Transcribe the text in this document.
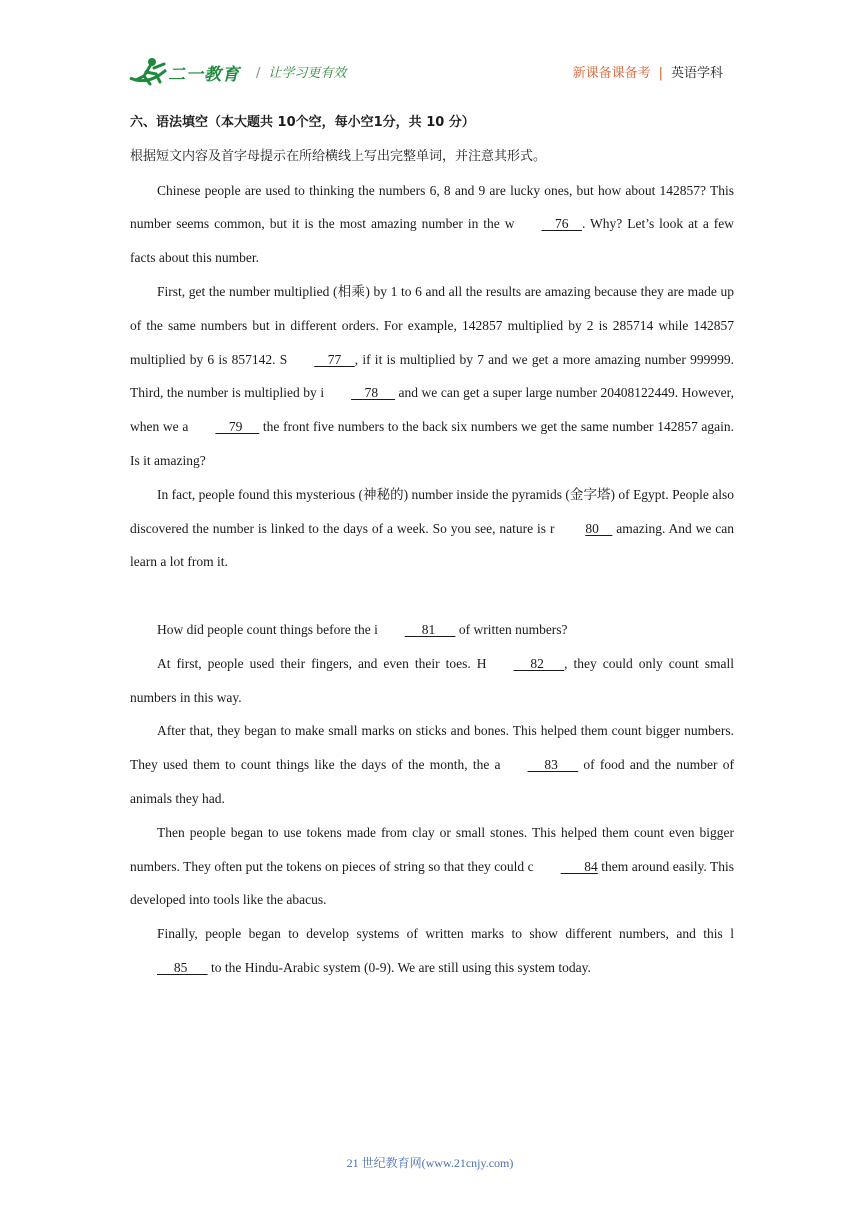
二一教育 / 让学习更有效	新课备课备考 | 英语学科

六、语法填空（本大题共 10个空，每小空1分，共 10 分）

根据短文内容及首字母提示在所给横线上写出完整单词，并注意其形式。

Chinese people are used to thinking the numbers 6, 8 and 9 are lucky ones, but how about 142857? This number seems common, but it is the most amazing number in the w    76    . Why? Let’s look at a few facts about this number.

First, get the number multiplied (相乘) by 1 to 6 and all the results are amazing because they are made up of the same numbers but in different orders. For example, 142857 multiplied by 2 is 285714 while 142857 multiplied by 6 is 857142. S    77    , if it is multiplied by 7 and we get a more amazing number 999999. Third, the number is multiplied by i    78      and we can get a super large number 20408122449. However, when we a    79      the front five numbers to the back six numbers we get the same number 142857 again. Is it amazing?

In fact, people found this mysterious (神秘的) number inside the pyramids (金字塔) of Egypt. People also discovered the number is linked to the days of a week. So you see, nature is r 80     amazing. And we can learn a lot from it.

How did people count things before the i     81       of written numbers?

At first, people used their fingers, and even their toes. H     82      , they could only count small numbers in this way.

After that, they began to make small marks on sticks and bones. This helped them count bigger numbers. They used them to count things like the days of the month, the a     83       of food and the number of animals they had.

Then people began to use tokens made from clay or small stones. This helped them count even bigger numbers. They often put the tokens on pieces of string so that they could c       84 them around easily. This developed into tools like the abacus.

Finally, people began to develop systems of written marks to show different numbers, and this l     85       to the Hindu-Arabic system (0-9). We are still using this system today.

21 世纪教育网(www.21cnjy.com)
